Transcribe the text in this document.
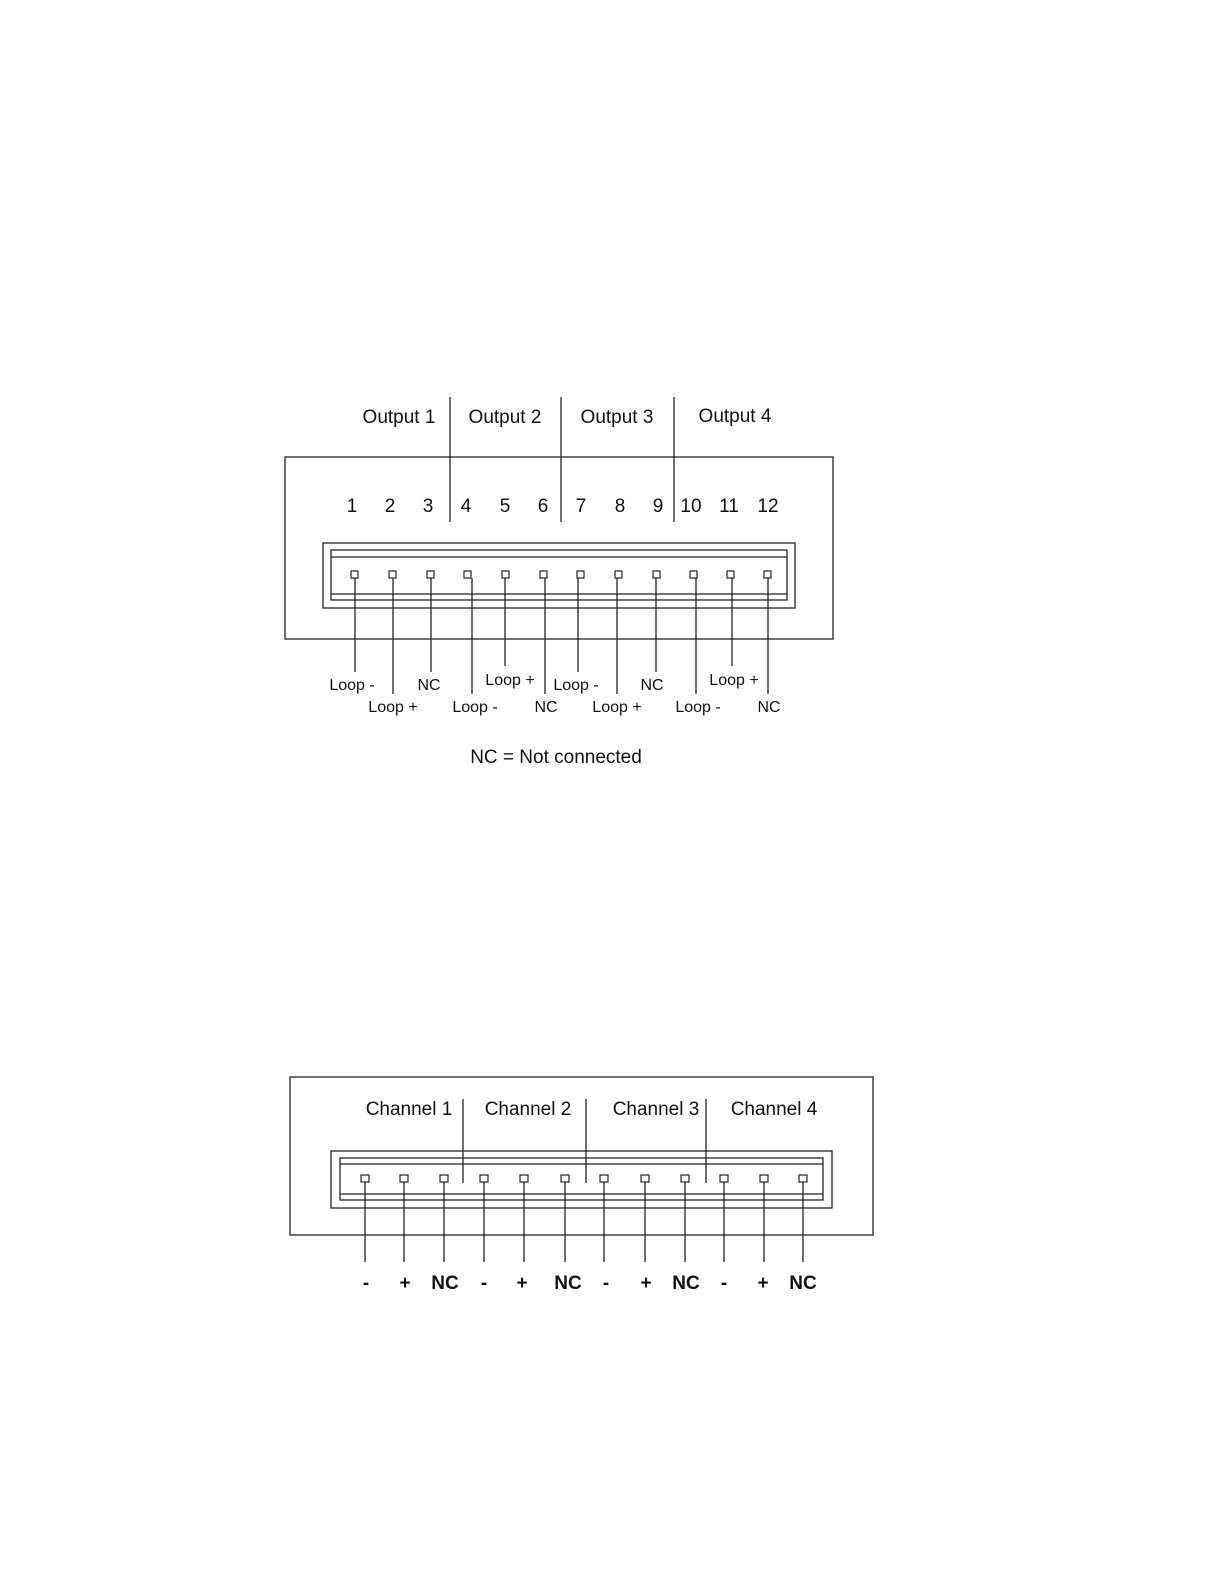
Output 1 Output 2 Output 3 Output 4
1 2 3 4 5 6 7 8 9 10 11 12
Loop -
Loop +
NC
Loop -
Loop +
NC
Loop -
Loop +
NC
Loop -
Loop +
NC
NC = Not connected
Channel 1 Channel 2 Channel 3 Channel 4
- + NC - + NC - + NC - + NC
